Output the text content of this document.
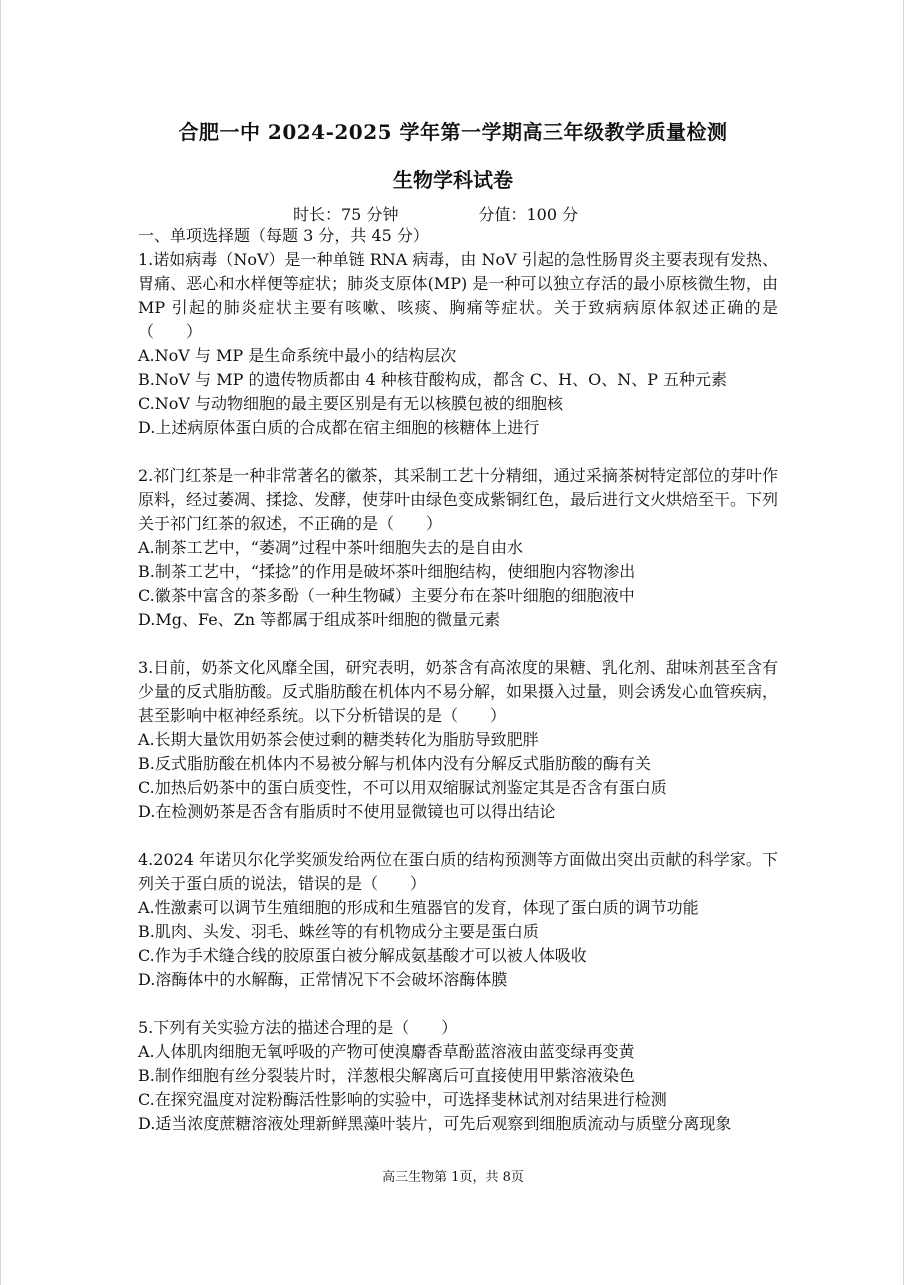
合肥一中 2024-2025 学年第一学期高三年级教学质量检测
生物学科试卷
时长：75 分钟	分值：100 分

一、单项选择题（每题 3 分，共 45 分）

1.诺如病毒（NoV）是一种单链 RNA 病毒，由 NoV 引起的急性肠胃炎主要表现有发热、胃痛、恶心和水样便等症状；肺炎支原体(MP) 是一种可以独立存活的最小原核微生物，由 MP 引起的肺炎症状主要有咳嗽、咳痰、胸痛等症状。关于致病病原体叙述正确的是（　　）

A.NoV 与 MP 是生命系统中最小的结构层次

B.NoV 与 MP 的遗传物质都由 4 种核苷酸构成，都含 C、H、O、N、P 五种元素

C.NoV 与动物细胞的最主要区别是有无以核膜包被的细胞核

D.上述病原体蛋白质的合成都在宿主细胞的核糖体上进行

2.祁门红茶是一种非常著名的徽茶，其采制工艺十分精细，通过采摘茶树特定部位的芽叶作原料，经过萎凋、揉捻、发酵，使芽叶由绿色变成紫铜红色，最后进行文火烘焙至干。下列关于祁门红茶的叙述，不正确的是（　　）

A.制茶工艺中，“萎凋”过程中茶叶细胞失去的是自由水

B.制茶工艺中，“揉捻”的作用是破坏茶叶细胞结构，使细胞内容物渗出

C.徽茶中富含的茶多酚（一种生物碱）主要分布在茶叶细胞的细胞液中

D.Mg、Fe、Zn 等都属于组成茶叶细胞的微量元素

3.日前，奶茶文化风靡全国，研究表明，奶茶含有高浓度的果糖、乳化剂、甜味剂甚至含有少量的反式脂肪酸。反式脂肪酸在机体内不易分解，如果摄入过量，则会诱发心血管疾病，甚至影响中枢神经系统。以下分析错误的是（　　）

A.长期大量饮用奶茶会使过剩的糖类转化为脂肪导致肥胖

B.反式脂肪酸在机体内不易被分解与机体内没有分解反式脂肪酸的酶有关

C.加热后奶茶中的蛋白质变性，不可以用双缩脲试剂鉴定其是否含有蛋白质

D.在检测奶茶是否含有脂质时不使用显微镜也可以得出结论

4.2024 年诺贝尔化学奖颁发给两位在蛋白质的结构预测等方面做出突出贡献的科学家。下列关于蛋白质的说法，错误的是（　　）

A.性激素可以调节生殖细胞的形成和生殖器官的发育，体现了蛋白质的调节功能

B.肌肉、头发、羽毛、蛛丝等的有机物成分主要是蛋白质

C.作为手术缝合线的胶原蛋白被分解成氨基酸才可以被人体吸收

D.溶酶体中的水解酶，正常情况下不会破坏溶酶体膜

5.下列有关实验方法的描述合理的是（　　）

A.人体肌肉细胞无氧呼吸的产物可使溴麝香草酚蓝溶液由蓝变绿再变黄

B.制作细胞有丝分裂装片时，洋葱根尖解离后可直接使用甲紫溶液染色

C.在探究温度对淀粉酶活性影响的实验中，可选择斐林试剂对结果进行检测

D.适当浓度蔗糖溶液处理新鲜黑藻叶装片，可先后观察到细胞质流动与质壁分离现象

高三生物第 1页，共 8页
